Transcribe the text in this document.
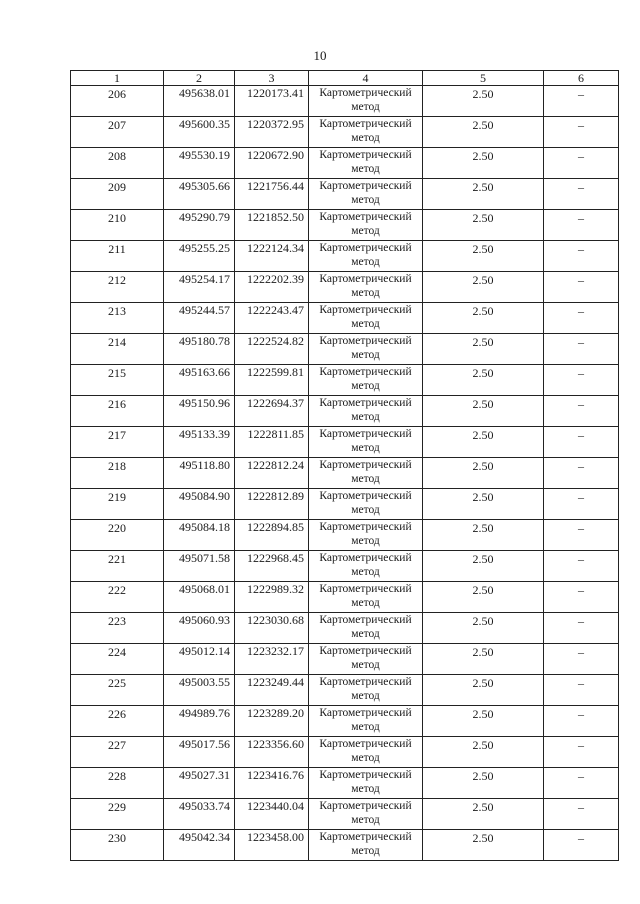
10
1	2	3	4	5	6
206	495638.01	1220173.41	Картометрический метод	2.50	–
207	495600.35	1220372.95	Картометрический метод	2.50	–
208	495530.19	1220672.90	Картометрический метод	2.50	–
209	495305.66	1221756.44	Картометрический метод	2.50	–
210	495290.79	1221852.50	Картометрический метод	2.50	–
211	495255.25	1222124.34	Картометрический метод	2.50	–
212	495254.17	1222202.39	Картометрический метод	2.50	–
213	495244.57	1222243.47	Картометрический метод	2.50	–
214	495180.78	1222524.82	Картометрический метод	2.50	–
215	495163.66	1222599.81	Картометрический метод	2.50	–
216	495150.96	1222694.37	Картометрический метод	2.50	–
217	495133.39	1222811.85	Картометрический метод	2.50	–
218	495118.80	1222812.24	Картометрический метод	2.50	–
219	495084.90	1222812.89	Картометрический метод	2.50	–
220	495084.18	1222894.85	Картометрический метод	2.50	–
221	495071.58	1222968.45	Картометрический метод	2.50	–
222	495068.01	1222989.32	Картометрический метод	2.50	–
223	495060.93	1223030.68	Картометрический метод	2.50	–
224	495012.14	1223232.17	Картометрический метод	2.50	–
225	495003.55	1223249.44	Картометрический метод	2.50	–
226	494989.76	1223289.20	Картометрический метод	2.50	–
227	495017.56	1223356.60	Картометрический метод	2.50	–
228	495027.31	1223416.76	Картометрический метод	2.50	–
229	495033.74	1223440.04	Картометрический метод	2.50	–
230	495042.34	1223458.00	Картометрический метод	2.50	–
